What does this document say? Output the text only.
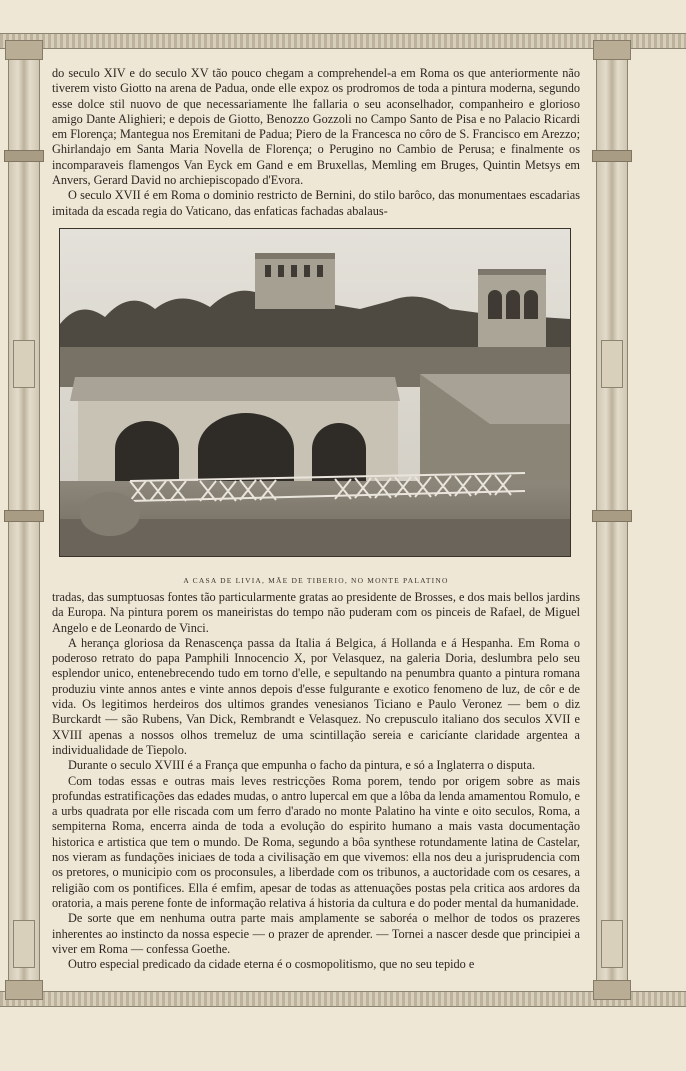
do seculo XIV e do seculo XV tão pouco chegam a comprehendel-a em Roma os que anteriormente não tiverem visto Giotto na arena de Padua, onde elle expoz os prodromos de toda a pintura moderna, segundo esse dolce stil nuovo de que necessariamente lhe fallaria o seu aconselhador, companheiro e glorioso amigo Dante Alighieri; e depois de Giotto, Benozzo Gozzoli no Campo Santo de Pisa e no Palacio Ricardi em Florença; Mantegua nos Eremitani de Padua; Piero de la Francesca no côro de S. Francisco em Arezzo; Ghirlandajo em Santa Maria Novella de Florença; o Perugino no Cambio de Perusa; e finalmente os incomparaveis flamengos Van Eyck em Gand e em Bruxellas, Memling em Bruges, Quintin Metsys em Anvers, Gerard David no archiepiscopado d'Evora.

O seculo XVII é em Roma o dominio restricto de Bernini, do stilo barôco, das monumentaes escadarias imitada da escada regia do Vaticano, das enfaticas fachadas abalaus-

A CASA DE LIVIA, MÃE DE TIBERIO, NO MONTE PALATINO

tradas, das sumptuosas fontes tão particularmente gratas ao presidente de Brosses, e dos mais bellos jardins da Europa. Na pintura porem os maneiristas do tempo não puderam com os pinceis de Rafael, de Miguel Angelo e de Leonardo de Vinci.

A herança gloriosa da Renascença passa da Italia á Belgica, á Hollanda e á Hespanha. Em Roma o poderoso retrato do papa Pamphili Innocencio X, por Velasquez, na galeria Doria, deslumbra pelo seu esplendor unico, entenebrecendo tudo em torno d'elle, e sepultando na penumbra quanto a pintura romana produziu vinte annos antes e vinte annos depois d'esse fulgurante e exotico fenomeno de luz, de côr e de vida. Os legitimos herdeiros dos ultimos grandes venesianos Ticiano e Paulo Veronez — bem o diz Burckardt — são Rubens, Van Dick, Rembrandt e Velasquez. No crepusculo italiano dos seculos XVII e XVIII apenas a nossos olhos tremeluz de uma scintillação sereia e caricíante claridade argentea a individualidade de Tiepolo.

Durante o seculo XVIII é a França que empunha o facho da pintura, e só a Inglaterra o disputa.

Com todas essas e outras mais leves restricções Roma porem, tendo por origem sobre as mais profundas estratificações das edades mudas, o antro lupercal em que a lôba da lenda amamentou Romulo, e a urbs quadrata por elle riscada com um ferro d'arado no monte Palatino ha vinte e oito seculos, Roma, a sempiterna Roma, encerra ainda de toda a evolução do espirito humano a mais vasta documentação historica e artistica que tem o mundo. De Roma, segundo a bôa synthese rotundamente latina de Castelar, nos vieram as fundações iniciaes de toda a civilisação em que vivemos: ella nos deu a jurisprudencia com os pretores, o municipio com os proconsules, a liberdade com os tribunos, a auctoridade com os cesares, a religião com os pontifices. Ella é emfim, apesar de todas as attenuações postas pela critica aos ardores da oratoria, a mais perene fonte de informação relativa á historia da cultura e do poder mental da humanidade.

De sorte que em nenhuma outra parte mais amplamente se saboréa o melhor de todos os prazeres inherentes ao instincto da nossa especie — o prazer de aprender. — Tornei a nascer desde que principiei a viver em Roma — confessa Goethe.

Outro especial predicado da cidade eterna é o cosmopolitismo, que no seu tepido e
